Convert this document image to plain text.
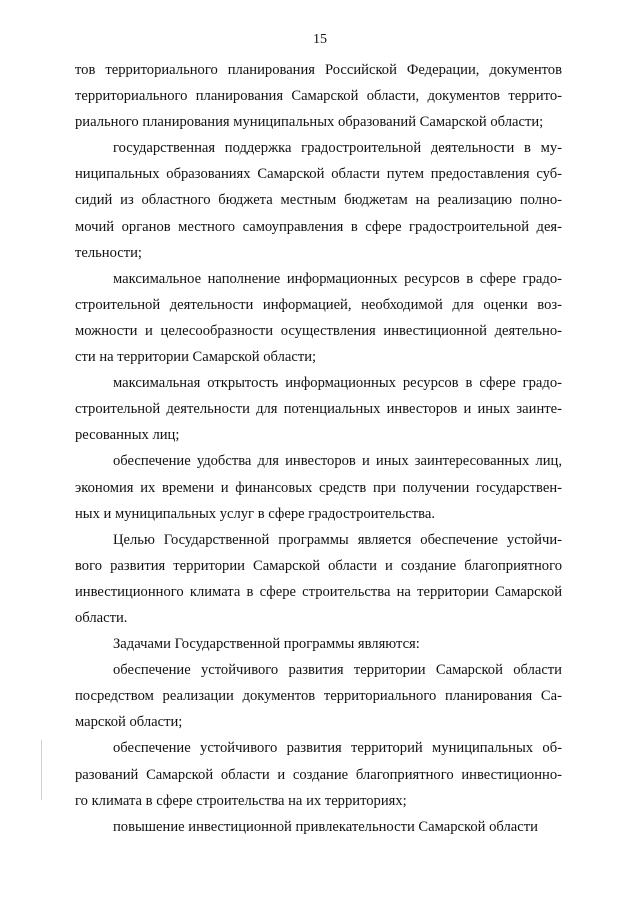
15
тов территориального планирования Российской Федерации, документов
территориального планирования Самарской области, документов террито-
риального планирования муниципальных образований Самарской области;
государственная поддержка градостроительной деятельности в му-
ниципальных образованиях Самарской области путем предоставления суб-
сидий из областного бюджета местным бюджетам на реализацию полно-
мочий органов местного самоуправления в сфере градостроительной дея-
тельности;
максимальное наполнение информационных ресурсов в сфере градо-
строительной деятельности информацией, необходимой для оценки воз-
можности и целесообразности осуществления инвестиционной деятельно-
сти на территории Самарской области;
максимальная открытость информационных ресурсов в сфере градо-
строительной деятельности для потенциальных инвесторов и иных заинте-
ресованных лиц;
обеспечение удобства для инвесторов и иных заинтересованных лиц,
экономия их времени и финансовых средств при получении государствен-
ных и муниципальных услуг в сфере градостроительства.
Целью Государственной программы является обеспечение устойчи-
вого развития территории Самарской области и создание благоприятного
инвестиционного климата в сфере строительства на территории Самарской
области.
Задачами Государственной программы являются:
обеспечение устойчивого развития территории Самарской области
посредством реализации документов территориального планирования Са-
марской области;
обеспечение устойчивого развития территорий муниципальных об-
разований Самарской области и создание благоприятного инвестиционно-
го климата в сфере строительства на их территориях;
повышение инвестиционной привлекательности Самарской области
